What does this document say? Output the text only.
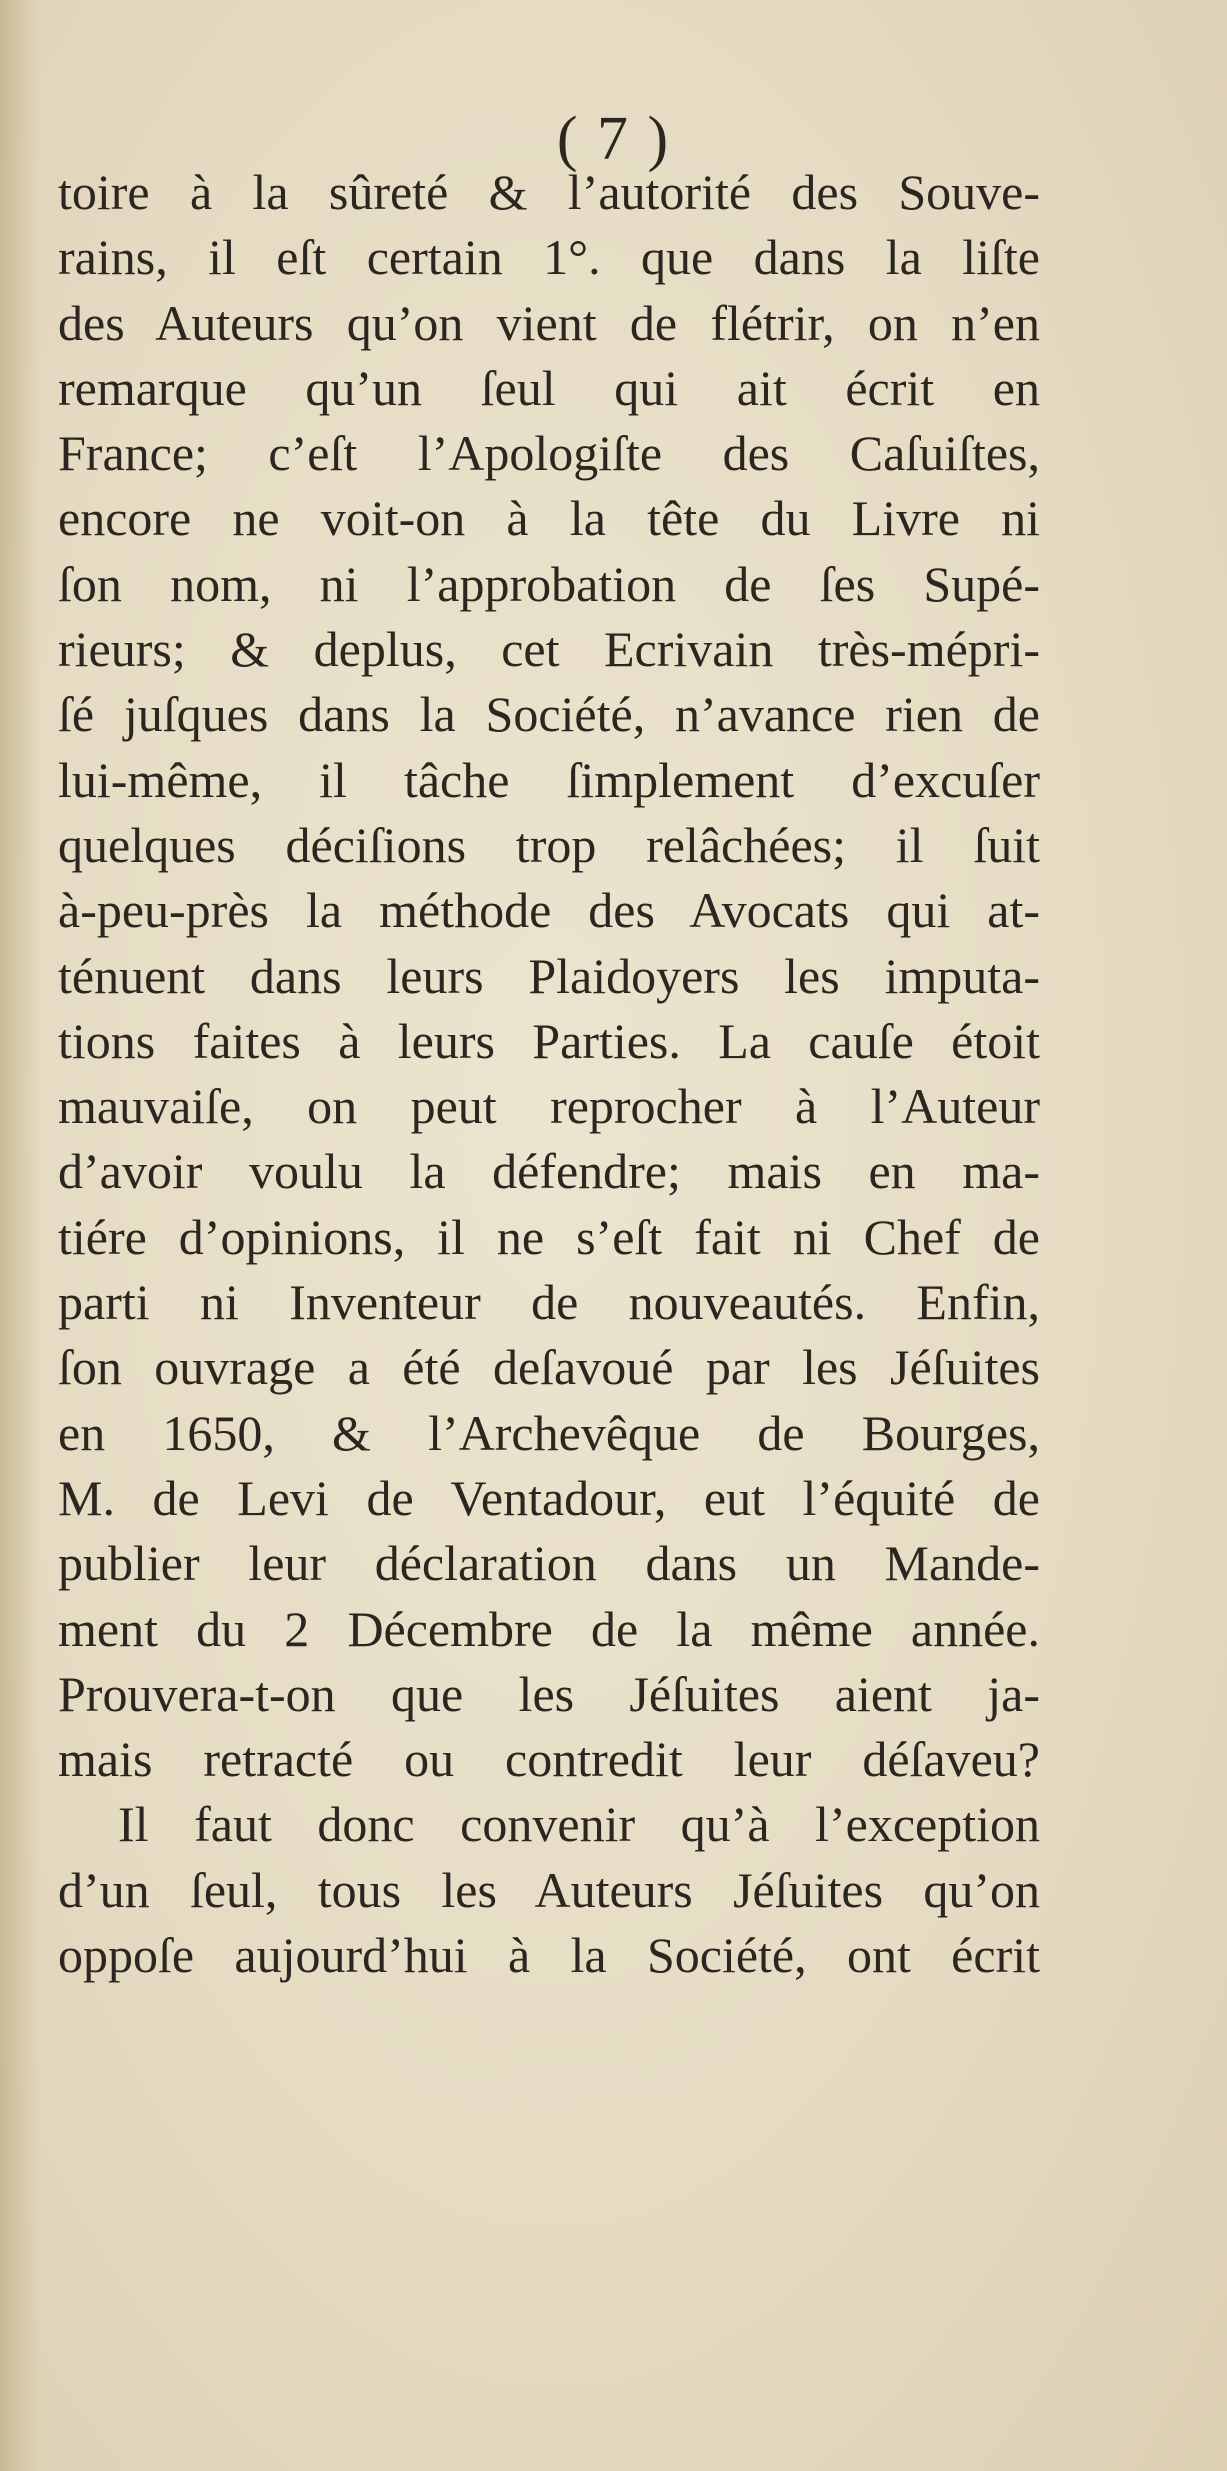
( 7 )
toire à la sûreté & l’autorité des Souve-
rains, il eſt certain 1°. que dans la liſte
des Auteurs qu’on vient de flétrir, on n’en
remarque qu’un ſeul qui ait écrit en
France; c’eſt l’Apologiſte des Caſuiſtes,
encore ne voit-on à la tête du Livre ni
ſon nom, ni l’approbation de ſes Supé-
rieurs; & deplus, cet Ecrivain très-mépri-
ſé juſques dans la Société, n’avance rien de
lui-même, il tâche ſimplement d’excuſer
quelques déciſions trop relâchées; il ſuit
à-peu-près la méthode des Avocats qui at-
ténuent dans leurs Plaidoyers les imputa-
tions faites à leurs Parties. La cauſe étoit
mauvaiſe, on peut reprocher à l’Auteur
d’avoir voulu la défendre; mais en ma-
tiére d’opinions, il ne s’eſt fait ni Chef de
parti ni Inventeur de nouveautés. Enfin,
ſon ouvrage a été deſavoué par les Jéſuites
en 1650, & l’Archevêque de Bourges,
M. de Levi de Ventadour, eut l’équité de
publier leur déclaration dans un Mande-
ment du 2 Décembre de la même année.
Prouvera-t-on que les Jéſuites aient ja-
mais retracté ou contredit leur déſaveu?
Il faut donc convenir qu’à l’exception
d’un ſeul, tous les Auteurs Jéſuites qu’on
oppoſe aujourd’hui à la Société, ont écrit
